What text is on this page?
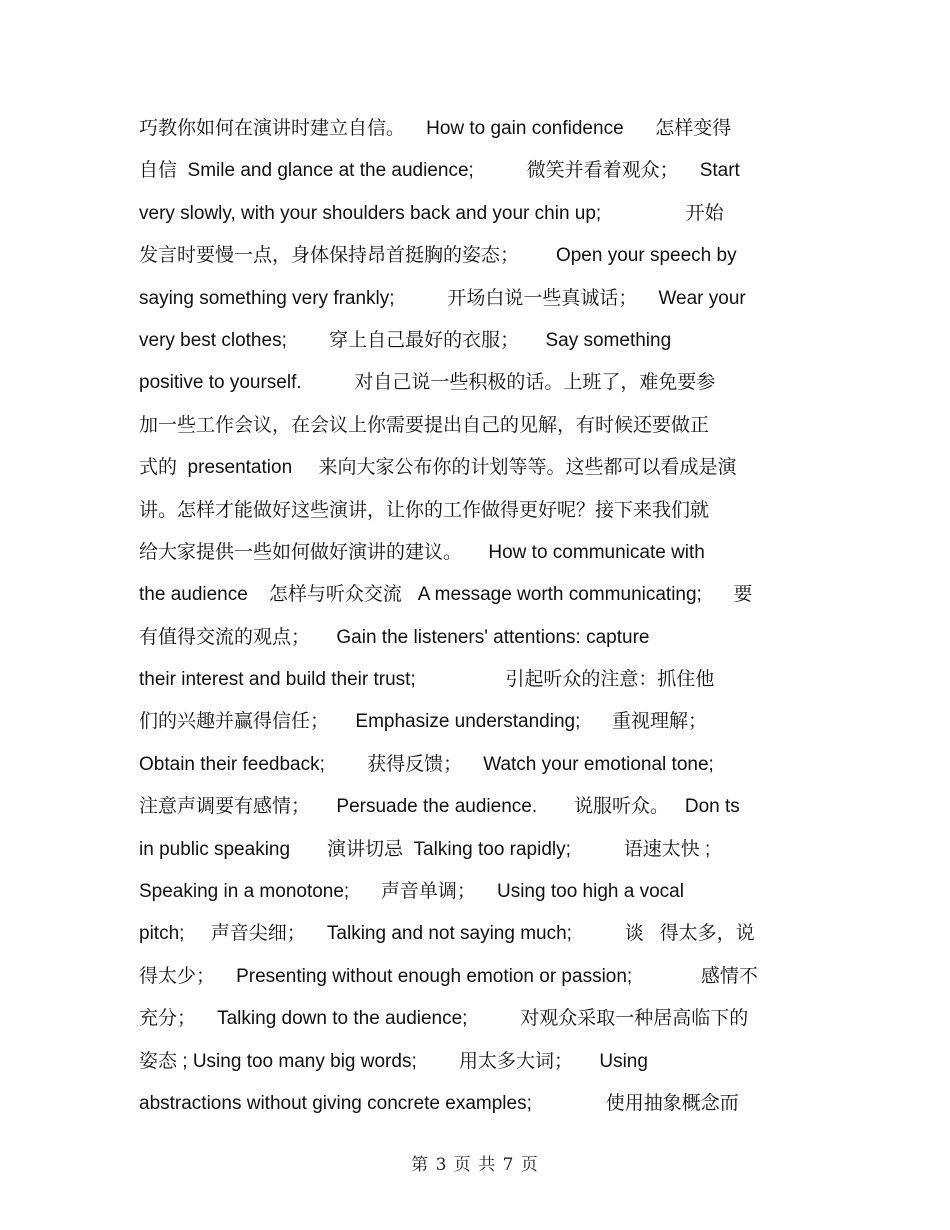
巧教你如何在演讲时建立自信。    How to gain confidence      怎样变得
自信  Smile and glance at the audience;          微笑并看着观众；    Start
very slowly, with your shoulders back and your chin up;                开始
发言时要慢一点，身体保持昂首挺胸的姿态；       Open your speech by
saying something very frankly;          开场白说一些真诚话；    Wear your
very best clothes;        穿上自己最好的衣服；     Say something
positive to yourself.          对自己说一些积极的话。上班了，难免要参
加一些工作会议，在会议上你需要提出自己的见解，有时候还要做正
式的  presentation     来向大家公布你的计划等等。这些都可以看成是演
讲。怎样才能做好这些演讲，让你的工作做得更好呢？接下来我们就
给大家提供一些如何做好演讲的建议。     How to communicate with
the audience    怎样与听众交流   A message worth communicating;      要
有值得交流的观点；     Gain the listeners' attentions: capture
their interest and build their trust;                 引起听众的注意：抓住他
们的兴趣并赢得信任；     Emphasize understanding;      重视理解；
Obtain their feedback;        获得反馈；    Watch your emotional tone;
注意声调要有感情；     Persuade the audience.       说服听众。   Don ts
in public speaking       演讲切忌  Talking too rapidly;          语速太快 ;
Speaking in a monotone;      声音单调；    Using too high a vocal
pitch;     声音尖细；    Talking and not saying much;          谈   得太多，说
得太少；    Presenting without enough emotion or passion;             感情不
充分；    Talking down to the audience;          对观众采取一种居高临下的
姿态 ; Using too many big words;        用太多大词；     Using
abstractions without giving concrete examples;              使用抽象概念而
第 3 页 共 7 页
